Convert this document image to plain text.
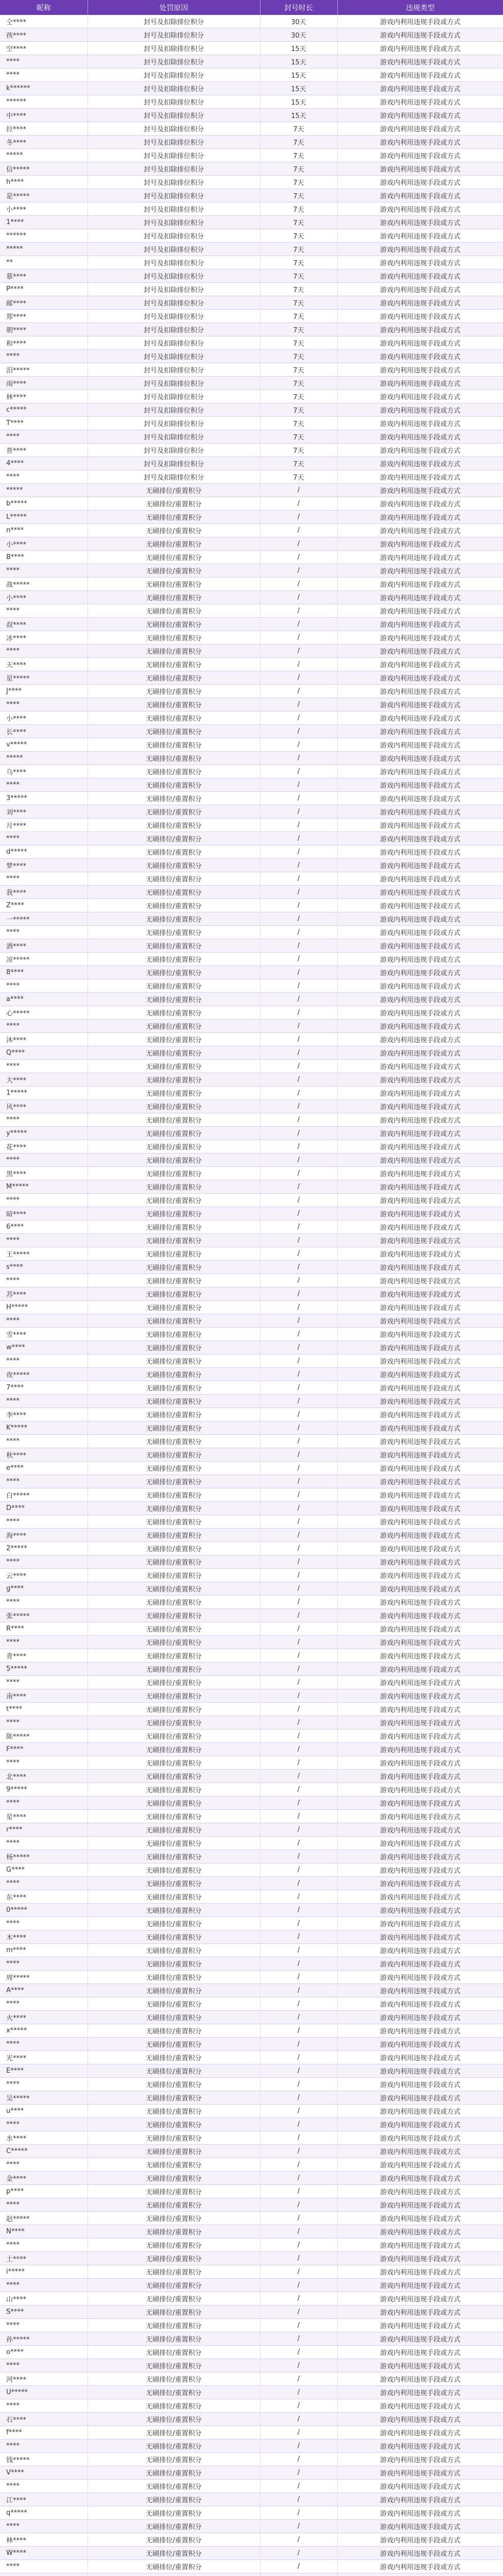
昵称	处罚原因	封号时长	违规类型
仝****	封号及扣除排位积分	30天	游戏内利用违规手段或方式
孩****	封号及扣除排位积分	30天	游戏内利用违规手段或方式
空****	封号及扣除排位积分	15天	游戏内利用违规手段或方式
****	封号及扣除排位积分	15天	游戏内利用违规手段或方式
****	封号及扣除排位积分	15天	游戏内利用违规手段或方式
k******	封号及扣除排位积分	15天	游戏内利用违规手段或方式
******	封号及扣除排位积分	15天	游戏内利用违规手段或方式
中****	封号及扣除排位积分	15天	游戏内利用违规手段或方式
拉****	封号及扣除排位积分	7天	游戏内利用违规手段或方式
冬****	封号及扣除排位积分	7天	游戏内利用违规手段或方式
*****	封号及扣除排位积分	7天	游戏内利用违规手段或方式
信*****	封号及扣除排位积分	7天	游戏内利用违规手段或方式
h****	封号及扣除排位积分	7天	游戏内利用违规手段或方式
是*****	封号及扣除排位积分	7天	游戏内利用违规手段或方式
小****	封号及扣除排位积分	7天	游戏内利用违规手段或方式
1****	封号及扣除排位积分	7天	游戏内利用违规手段或方式
******	封号及扣除排位积分	7天	游戏内利用违规手段或方式
*****	封号及扣除排位积分	7天	游戏内利用违规手段或方式
**	封号及扣除排位积分	7天	游戏内利用违规手段或方式
慕****	封号及扣除排位积分	7天	游戏内利用违规手段或方式
P****	封号及扣除排位积分	7天	游戏内利用违规手段或方式
邮****	封号及扣除排位积分	7天	游戏内利用违规手段或方式
郑****	封号及扣除排位积分	7天	游戏内利用违规手段或方式
朝****	封号及扣除排位积分	7天	游戏内利用违规手段或方式
和****	封号及扣除排位积分	7天	游戏内利用违规手段或方式
****	封号及扣除排位积分	7天	游戏内利用违规手段或方式
泪*****	封号及扣除排位积分	7天	游戏内利用违规手段或方式
雨****	封号及扣除排位积分	7天	游戏内利用违规手段或方式
林****	封号及扣除排位积分	7天	游戏内利用违规手段或方式
c*****	封号及扣除排位积分	7天	游戏内利用违规手段或方式
T****	封号及扣除排位积分	7天	游戏内利用违规手段或方式
****	封号及扣除排位积分	7天	游戏内利用违规手段或方式
晋****	封号及扣除排位积分	7天	游戏内利用违规手段或方式
4****	封号及扣除排位积分	7天	游戏内利用违规手段或方式
****	封号及扣除排位积分	7天	游戏内利用违规手段或方式
*****	无刷排位/重置积分	/	游戏内利用违规手段或方式
b*****	无刷排位/重置积分	/	游戏内利用违规手段或方式
L*****	无刷排位/重置积分	/	游戏内利用违规手段或方式
n****	无刷排位/重置积分	/	游戏内利用违规手段或方式
小****	无刷排位/重置积分	/	游戏内利用违规手段或方式
B****	无刷排位/重置积分	/	游戏内利用违规手段或方式
****	无刷排位/重置积分	/	游戏内利用违规手段或方式
战*****	无刷排位/重置积分	/	游戏内利用违规手段或方式
小****	无刷排位/重置积分	/	游戏内利用违规手段或方式
****	无刷排位/重置积分	/	游戏内利用违规手段或方式
叔****	无刷排位/重置积分	/	游戏内利用违规手段或方式
冰****	无刷排位/重置积分	/	游戏内利用违规手段或方式
****	无刷排位/重置积分	/	游戏内利用违规手段或方式
天****	无刷排位/重置积分	/	游戏内利用违规手段或方式
星*****	无刷排位/重置积分	/	游戏内利用违规手段或方式
J****	无刷排位/重置积分	/	游戏内利用违规手段或方式
****	无刷排位/重置积分	/	游戏内利用违规手段或方式
小****	无刷排位/重置积分	/	游戏内利用违规手段或方式
长****	无刷排位/重置积分	/	游戏内利用违规手段或方式
v*****	无刷排位/重置积分	/	游戏内利用违规手段或方式
*****	无刷排位/重置积分	/	游戏内利用违规手段或方式
乌****	无刷排位/重置积分	/	游戏内利用违规手段或方式
****	无刷排位/重置积分	/	游戏内利用违规手段或方式
3*****	无刷排位/重置积分	/	游戏内利用违规手段或方式
刘****	无刷排位/重置积分	/	游戏内利用违规手段或方式
月****	无刷排位/重置积分	/	游戏内利用违规手段或方式
****	无刷排位/重置积分	/	游戏内利用违规手段或方式
d*****	无刷排位/重置积分	/	游戏内利用违规手段或方式
梦****	无刷排位/重置积分	/	游戏内利用违规手段或方式
****	无刷排位/重置积分	/	游戏内利用违规手段或方式
我****	无刷排位/重置积分	/	游戏内利用违规手段或方式
Z****	无刷排位/重置积分	/	游戏内利用违规手段或方式
一*****	无刷排位/重置积分	/	游戏内利用违规手段或方式
****	无刷排位/重置积分	/	游戏内利用违规手段或方式
酒****	无刷排位/重置积分	/	游戏内利用违规手段或方式
凉*****	无刷排位/重置积分	/	游戏内利用违规手段或方式
8****	无刷排位/重置积分	/	游戏内利用违规手段或方式
****	无刷排位/重置积分	/	游戏内利用违规手段或方式
a****	无刷排位/重置积分	/	游戏内利用违规手段或方式
心*****	无刷排位/重置积分	/	游戏内利用违规手段或方式
****	无刷排位/重置积分	/	游戏内利用违规手段或方式
沐****	无刷排位/重置积分	/	游戏内利用违规手段或方式
Q****	无刷排位/重置积分	/	游戏内利用违规手段或方式
****	无刷排位/重置积分	/	游戏内利用违规手段或方式
大****	无刷排位/重置积分	/	游戏内利用违规手段或方式
1*****	无刷排位/重置积分	/	游戏内利用违规手段或方式
风****	无刷排位/重置积分	/	游戏内利用违规手段或方式
****	无刷排位/重置积分	/	游戏内利用违规手段或方式
y*****	无刷排位/重置积分	/	游戏内利用违规手段或方式
花****	无刷排位/重置积分	/	游戏内利用违规手段或方式
****	无刷排位/重置积分	/	游戏内利用违规手段或方式
黑****	无刷排位/重置积分	/	游戏内利用违规手段或方式
M*****	无刷排位/重置积分	/	游戏内利用违规手段或方式
****	无刷排位/重置积分	/	游戏内利用违规手段或方式
暗****	无刷排位/重置积分	/	游戏内利用违规手段或方式
6****	无刷排位/重置积分	/	游戏内利用违规手段或方式
****	无刷排位/重置积分	/	游戏内利用违规手段或方式
王*****	无刷排位/重置积分	/	游戏内利用违规手段或方式
s****	无刷排位/重置积分	/	游戏内利用违规手段或方式
****	无刷排位/重置积分	/	游戏内利用违规手段或方式
苏****	无刷排位/重置积分	/	游戏内利用违规手段或方式
H*****	无刷排位/重置积分	/	游戏内利用违规手段或方式
****	无刷排位/重置积分	/	游戏内利用违规手段或方式
雪****	无刷排位/重置积分	/	游戏内利用违规手段或方式
w****	无刷排位/重置积分	/	游戏内利用违规手段或方式
****	无刷排位/重置积分	/	游戏内利用违规手段或方式
夜*****	无刷排位/重置积分	/	游戏内利用违规手段或方式
7****	无刷排位/重置积分	/	游戏内利用违规手段或方式
****	无刷排位/重置积分	/	游戏内利用违规手段或方式
李****	无刷排位/重置积分	/	游戏内利用违规手段或方式
K*****	无刷排位/重置积分	/	游戏内利用违规手段或方式
****	无刷排位/重置积分	/	游戏内利用违规手段或方式
秋****	无刷排位/重置积分	/	游戏内利用违规手段或方式
e****	无刷排位/重置积分	/	游戏内利用违规手段或方式
****	无刷排位/重置积分	/	游戏内利用违规手段或方式
白*****	无刷排位/重置积分	/	游戏内利用违规手段或方式
D****	无刷排位/重置积分	/	游戏内利用违规手段或方式
****	无刷排位/重置积分	/	游戏内利用违规手段或方式
海****	无刷排位/重置积分	/	游戏内利用违规手段或方式
2*****	无刷排位/重置积分	/	游戏内利用违规手段或方式
****	无刷排位/重置积分	/	游戏内利用违规手段或方式
云****	无刷排位/重置积分	/	游戏内利用违规手段或方式
g****	无刷排位/重置积分	/	游戏内利用违规手段或方式
****	无刷排位/重置积分	/	游戏内利用违规手段或方式
张*****	无刷排位/重置积分	/	游戏内利用违规手段或方式
R****	无刷排位/重置积分	/	游戏内利用违规手段或方式
****	无刷排位/重置积分	/	游戏内利用违规手段或方式
青****	无刷排位/重置积分	/	游戏内利用违规手段或方式
5*****	无刷排位/重置积分	/	游戏内利用违规手段或方式
****	无刷排位/重置积分	/	游戏内利用违规手段或方式
南****	无刷排位/重置积分	/	游戏内利用违规手段或方式
t****	无刷排位/重置积分	/	游戏内利用违规手段或方式
****	无刷排位/重置积分	/	游戏内利用违规手段或方式
陈*****	无刷排位/重置积分	/	游戏内利用违规手段或方式
F****	无刷排位/重置积分	/	游戏内利用违规手段或方式
****	无刷排位/重置积分	/	游戏内利用违规手段或方式
北****	无刷排位/重置积分	/	游戏内利用违规手段或方式
9*****	无刷排位/重置积分	/	游戏内利用违规手段或方式
****	无刷排位/重置积分	/	游戏内利用违规手段或方式
星****	无刷排位/重置积分	/	游戏内利用违规手段或方式
r****	无刷排位/重置积分	/	游戏内利用违规手段或方式
****	无刷排位/重置积分	/	游戏内利用违规手段或方式
杨*****	无刷排位/重置积分	/	游戏内利用违规手段或方式
G****	无刷排位/重置积分	/	游戏内利用违规手段或方式
****	无刷排位/重置积分	/	游戏内利用违规手段或方式
东****	无刷排位/重置积分	/	游戏内利用违规手段或方式
0*****	无刷排位/重置积分	/	游戏内利用违规手段或方式
****	无刷排位/重置积分	/	游戏内利用违规手段或方式
木****	无刷排位/重置积分	/	游戏内利用违规手段或方式
m****	无刷排位/重置积分	/	游戏内利用违规手段或方式
****	无刷排位/重置积分	/	游戏内利用违规手段或方式
周*****	无刷排位/重置积分	/	游戏内利用违规手段或方式
A****	无刷排位/重置积分	/	游戏内利用违规手段或方式
****	无刷排位/重置积分	/	游戏内利用违规手段或方式
火****	无刷排位/重置积分	/	游戏内利用违规手段或方式
x*****	无刷排位/重置积分	/	游戏内利用违规手段或方式
****	无刷排位/重置积分	/	游戏内利用违规手段或方式
光****	无刷排位/重置积分	/	游戏内利用违规手段或方式
E****	无刷排位/重置积分	/	游戏内利用违规手段或方式
****	无刷排位/重置积分	/	游戏内利用违规手段或方式
吴*****	无刷排位/重置积分	/	游戏内利用违规手段或方式
u****	无刷排位/重置积分	/	游戏内利用违规手段或方式
****	无刷排位/重置积分	/	游戏内利用违规手段或方式
水****	无刷排位/重置积分	/	游戏内利用违规手段或方式
C*****	无刷排位/重置积分	/	游戏内利用违规手段或方式
****	无刷排位/重置积分	/	游戏内利用违规手段或方式
金****	无刷排位/重置积分	/	游戏内利用违规手段或方式
p****	无刷排位/重置积分	/	游戏内利用违规手段或方式
****	无刷排位/重置积分	/	游戏内利用违规手段或方式
赵*****	无刷排位/重置积分	/	游戏内利用违规手段或方式
N****	无刷排位/重置积分	/	游戏内利用违规手段或方式
****	无刷排位/重置积分	/	游戏内利用违规手段或方式
土****	无刷排位/重置积分	/	游戏内利用违规手段或方式
i*****	无刷排位/重置积分	/	游戏内利用违规手段或方式
****	无刷排位/重置积分	/	游戏内利用违规手段或方式
山****	无刷排位/重置积分	/	游戏内利用违规手段或方式
S****	无刷排位/重置积分	/	游戏内利用违规手段或方式
****	无刷排位/重置积分	/	游戏内利用违规手段或方式
孙*****	无刷排位/重置积分	/	游戏内利用违规手段或方式
o****	无刷排位/重置积分	/	游戏内利用违规手段或方式
****	无刷排位/重置积分	/	游戏内利用违规手段或方式
河****	无刷排位/重置积分	/	游戏内利用违规手段或方式
U*****	无刷排位/重置积分	/	游戏内利用违规手段或方式
****	无刷排位/重置积分	/	游戏内利用违规手段或方式
石****	无刷排位/重置积分	/	游戏内利用违规手段或方式
f****	无刷排位/重置积分	/	游戏内利用违规手段或方式
****	无刷排位/重置积分	/	游戏内利用违规手段或方式
钱*****	无刷排位/重置积分	/	游戏内利用违规手段或方式
V****	无刷排位/重置积分	/	游戏内利用违规手段或方式
****	无刷排位/重置积分	/	游戏内利用违规手段或方式
江****	无刷排位/重置积分	/	游戏内利用违规手段或方式
q*****	无刷排位/重置积分	/	游戏内利用违规手段或方式
****	无刷排位/重置积分	/	游戏内利用违规手段或方式
林****	无刷排位/重置积分	/	游戏内利用违规手段或方式
W****	无刷排位/重置积分	/	游戏内利用违规手段或方式
****	无刷排位/重置积分	/	游戏内利用违规手段或方式
